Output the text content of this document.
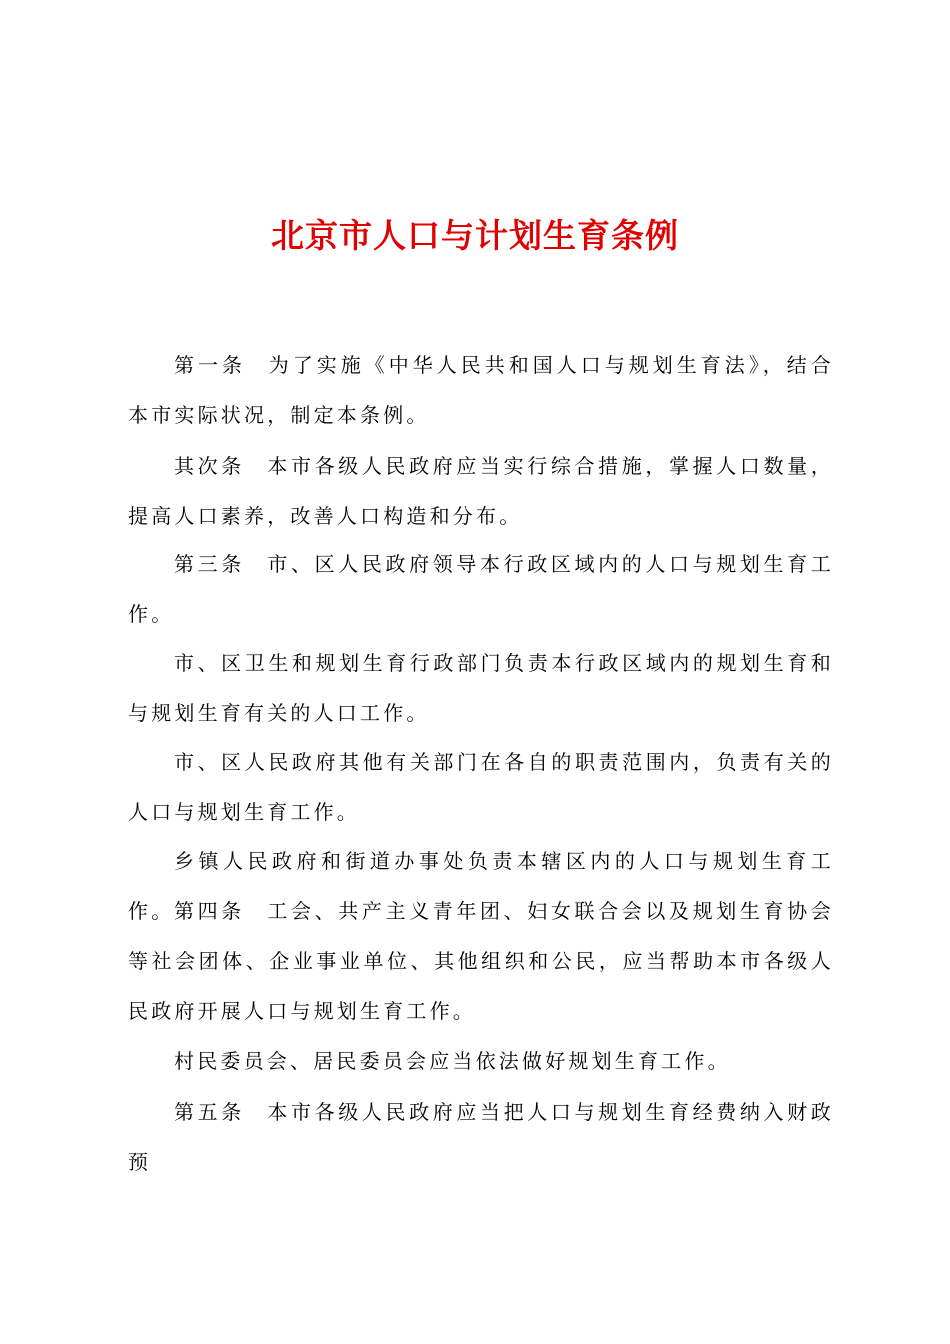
北京市人口与计划生育条例

第一条 为了实施《中华人民共和国人口与规划生育法》，结合本市实际状况，制定本条例。

其次条 本市各级人民政府应当实行综合措施，掌握人口数量，提高人口素养，改善人口构造和分布。

第三条 市、区人民政府领导本行政区域内的人口与规划生育工作。

市、区卫生和规划生育行政部门负责本行政区域内的规划生育和与规划生育有关的人口工作。

市、区人民政府其他有关部门在各自的职责范围内，负责有关的人口与规划生育工作。

乡镇人民政府和街道办事处负责本辖区内的人口与规划生育工作。 第四条 工会、共产主义青年团、妇女联合会以及规划生育协会等社会团体、企业事业单位、其他组织和公民，应当帮助本市各级人民政府开展人口与规划生育工作。

村民委员会、居民委员会应当依法做好规划生育工作。

第五条 本市各级人民政府应当把人口与规划生育经费纳入财政预
